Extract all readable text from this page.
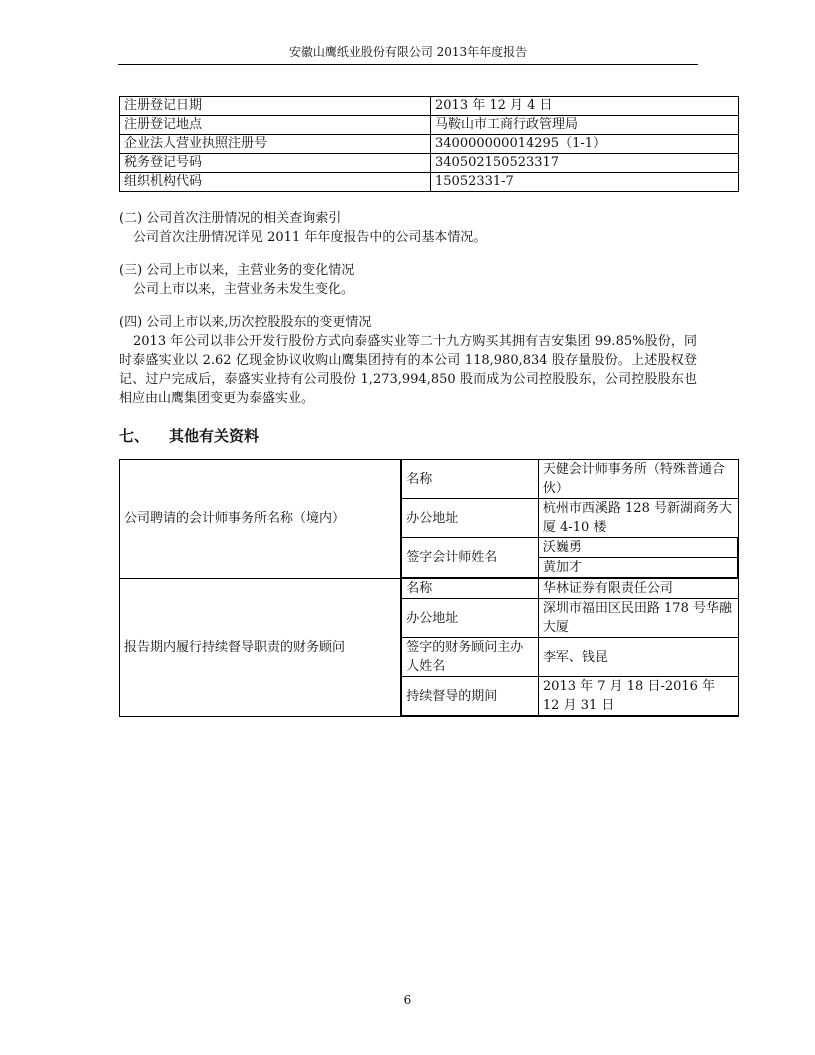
安徽山鹰纸业股份有限公司 2013年年度报告
注册登记日期	2013 年 12 月 4 日
注册登记地点	马鞍山市工商行政管理局
企业法人营业执照注册号	340000000014295（1-1）
税务登记号码	340502150523317
组织机构代码	15052331-7

(二) 公司首次注册情况的相关查询索引

公司首次注册情况详见 2011 年年度报告中的公司基本情况。

(三) 公司上市以来，主营业务的变化情况

公司上市以来，主营业务未发生变化。

(四) 公司上市以来,历次控股股东的变更情况

2013 年公司以非公开发行股份方式向泰盛实业等二十九方购买其拥有吉安集团 99.85%股份，同时泰盛实业以 2.62 亿现金协议收购山鹰集团持有的本公司 118,980,834 股存量股份。上述股权登记、过户完成后，泰盛实业持有公司股份 1,273,994,850 股而成为公司控股股东，公司控股股东也相应由山鹰集团变更为泰盛实业。

七、 其他有关资料
公司聘请的会计师事务所名称（境内）	名称	天健会计师事务所（特殊普通合伙）
	办公地址	杭州市西溪路 128 号新湖商务大厦 4-10 楼
	签字会计师姓名	沃巍勇
		黄加才
报告期内履行持续督导职责的财务顾问	名称	华林证券有限责任公司
	办公地址	深圳市福田区民田路 178 号华融大厦
	签字的财务顾问主办人姓名	李军、钱昆
	持续督导的期间	2013 年 7 月 18 日-2016 年 12 月 31 日
6
